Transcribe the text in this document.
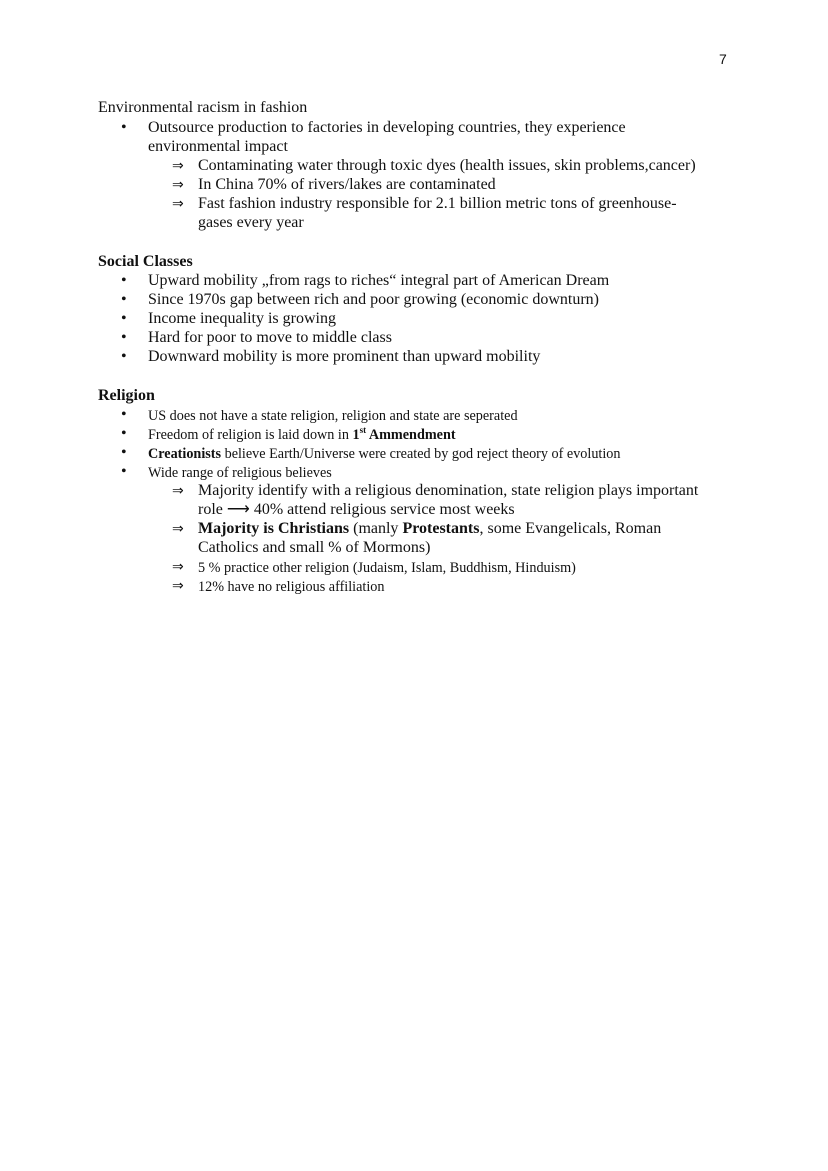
7
Environmental racism in fashion
• Outsource production to factories in developing countries, they experience
environmental impact
⇒ Contaminating water through toxic dyes (health issues, skin problems,cancer)
⇒ In China 70% of rivers/lakes are contaminated
⇒ Fast fashion industry responsible for 2.1 billion metric tons of greenhouse-
gases every year
Social Classes
• Upward mobility „from rags to riches“ integral part of American Dream
• Since 1970s gap between rich and poor growing (economic downturn)
• Income inequality is growing
• Hard for poor to move to middle class
• Downward mobility is more prominent than upward mobility
Religion
• US does not have a state religion, religion and state are seperated
• Freedom of religion is laid down in 1st Ammendment
• Creationists believe Earth/Universe were created by god reject theory of evolution
• Wide range of religious believes
⇒ Majority identify with a religious denomination, state religion plays important
role ⟶ 40% attend religious service most weeks
⇒ Majority is Christians (manly Protestants, some Evangelicals, Roman
Catholics and small % of Mormons)
⇒ 5 % practice other religion (Judaism, Islam, Buddhism, Hinduism)
⇒ 12% have no religious affiliation
